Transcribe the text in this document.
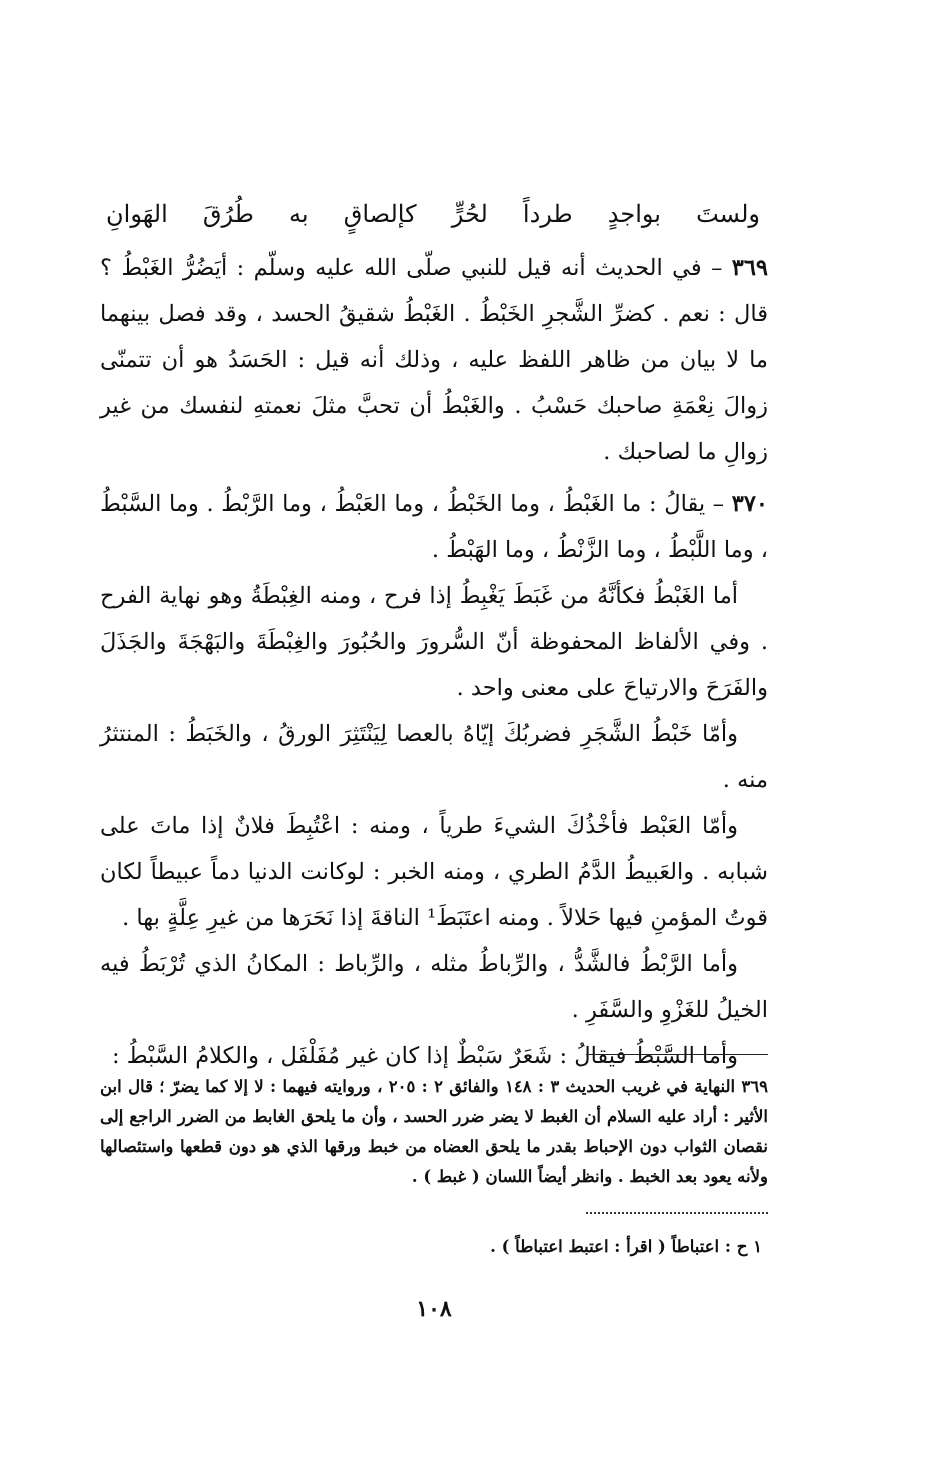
ولستَ
بواجدٍ
طرداً
لحُرٍّ
كإلصاقٍ
به
طُرُقَ
الهَوانِ

٣٦٩ – في الحديث أنه قيل للنبي صلّى الله عليه وسلّم : أيَضُرُّ الغَبْطُ ؟ قال : نعم . كضرِّ الشَّجرِ الخَبْطُ . الغَبْطُ شقيقُ الحسد ، وقد فصل بينهما ما لا بيان من ظاهر اللفظ عليه ، وذلك أنه قيل : الحَسَدُ هو أن تتمنّى زوالَ نِعْمَةِ صاحبك حَسْبُ . والغَبْطُ أن تحبَّ مثلَ نعمتهِ لنفسك من غير زوالِ ما لصاحبك .

٣٧٠ – يقالُ : ما الغَبْطُ ، وما الخَبْطُ ، وما العَبْطُ ، وما الرَّبْطُ . وما السَّبْطُ ، وما اللَّبْطُ ، وما الزَّنْطُ ، وما الهَبْطُ .

أما الغَبْطُ فكأنَّهُ من غَبَطَ يَغْبِطُ إذا فرح ، ومنه الغِبْطَةُ وهو نهاية الفرح . وفي الألفاظ المحفوظة أنّ السُّرورَ والحُبُورَ والغِبْطَةَ والبَهْجَةَ والجَذَلَ والفَرَحَ والارتياحَ على معنى واحد .

وأمّا خَبْطُ الشَّجَرِ فضربُكَ إيّاهُ بالعصا لِيَنْتَثِرَ الورقُ ، والخَبَطُ : المنتثرُ منه .

وأمّا العَبْط فأخْذُكَ الشيءَ طرياً ، ومنه : اعْتُبِطَ فلانٌ إذا ماتَ على شبابه . والعَبيطُ الدَّمُ الطري ، ومنه الخبر : لوكانت الدنيا دماً عبيطاً لكان قوتُ المؤمنِ فيها حَلالاً . ومنه اعتَبَطَ¹ الناقةَ إذا نَحَرَها من غيرِ عِلَّةٍ بها .

وأما الرَّبْطُ فالشَّدُّ ، والرِّباطُ مثله ، والرِّباط : المكانُ الذي تُرْبَطُ فيه الخيلُ للغَزْوِ والسَّفَرِ .

وأما السَّبْطُ فيقالُ : شَعَرٌ سَبْطٌ إذا كان غير مُفَلْفَل ، والكلامُ السَّبْطُ :

٣٦٩ النهاية في غريب الحديث ٣ : ١٤٨ والفائق ٢ : ٢٠٥ ، وروايته فيهما : لا إلا كما يضرّ ؛ قال ابن الأثير : أراد عليه السلام أن الغبط لا يضر ضرر الحسد ، وأن ما يلحق الغابط من الضرر الراجع إلى نقصان الثواب دون الإحباط بقدر ما يلحق العضاه من خبط ورقها الذي هو دون قطعها واستئصالها ولأنه يعود بعد الخبط . وانظر أيضاً اللسان ( غبط ) .

١ ح : اعتباطاً ( اقرأ : اعتبط اعتباطاً ) .
١٠٨
